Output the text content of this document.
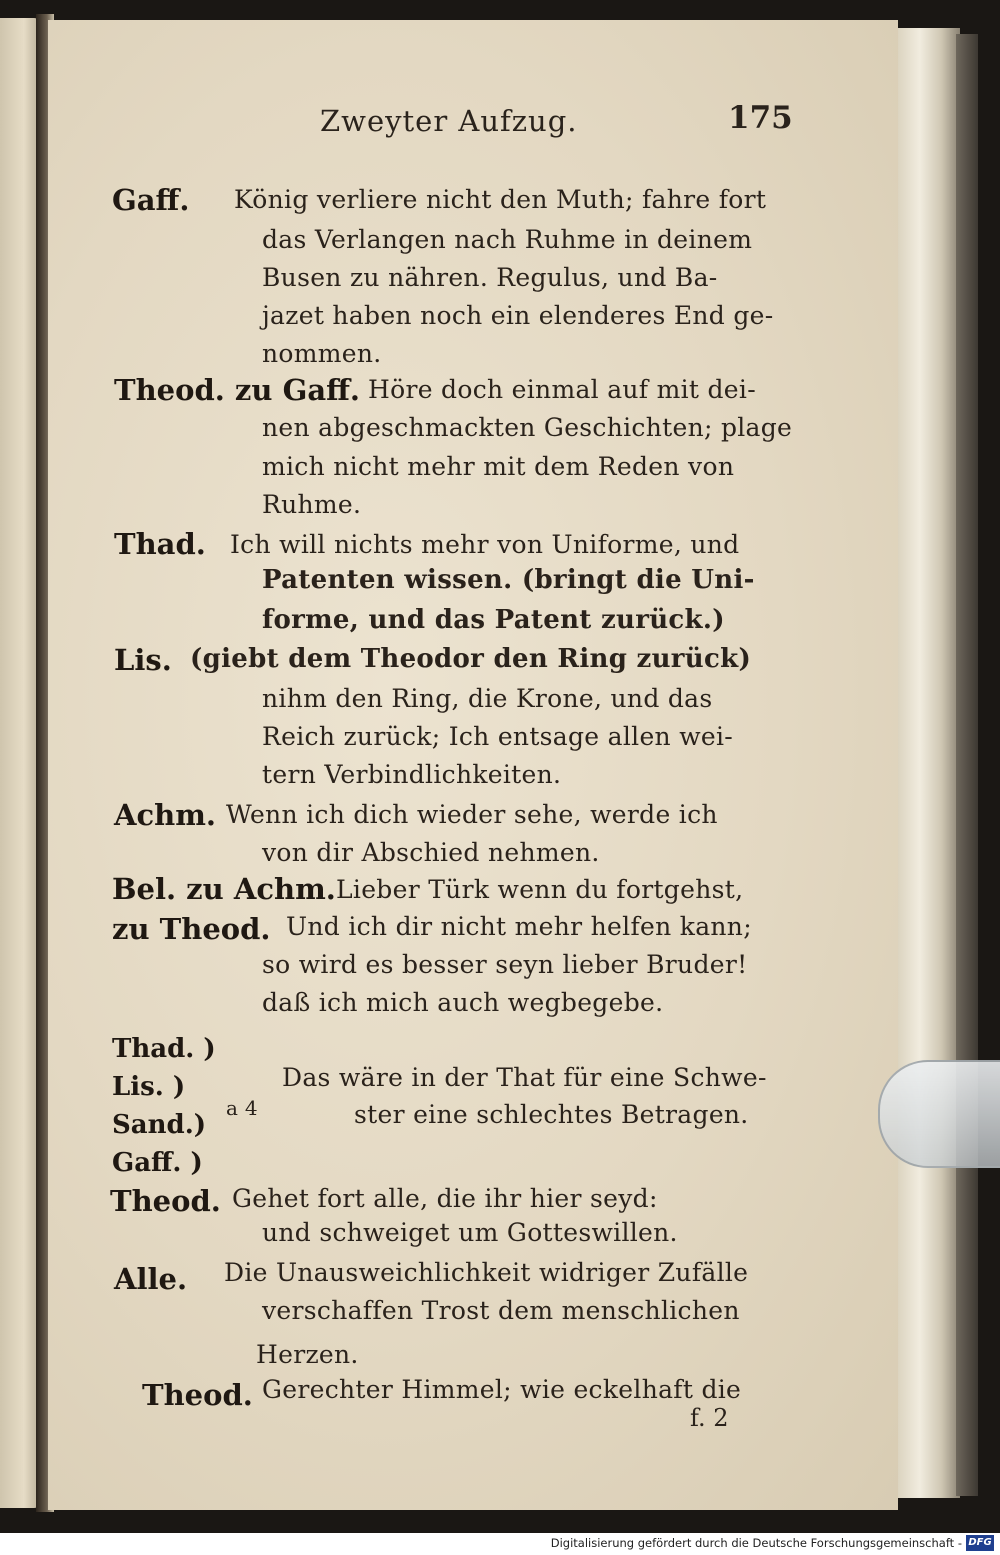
Zweyter Aufzug.	175
Gaff. König verliere nicht den Muth; fahre fort
das Verlangen nach Ruhme in deinem
Busen zu nähren. Regulus, und Ba-
jazet haben noch ein elenderes End ge-
nommen.
Theod. zu Gaff. Höre doch einmal auf mit dei-
nen abgeschmackten Geschichten; plage
mich nicht mehr mit dem Reden von
Ruhme.
Thad. Ich will nichts mehr von Uniforme, und
Patenten wissen. (bringt die Uni-
forme, und das Patent zurück.)
Lis. (giebt dem Theodor den Ring zurück)
nihm den Ring, die Krone, und das
Reich zurück; Ich entsage allen wei-
tern Verbindlichkeiten.
Achm. Wenn ich dich wieder sehe, werde ich
von dir Abschied nehmen.
Bel. zu Achm. Lieber Türk wenn du fortgehst,
zu Theod. Und ich dir nicht mehr helfen kann;
so wird es besser seyn lieber Bruder!
daß ich mich auch wegbegebe.
Thad. )
Lis. )
Sand.)
Gaff. )
a 4
Das wäre in der That für eine Schwe-
ster eine schlechtes Betragen.
Theod. Gehet fort alle, die ihr hier seyd:
und schweiget um Gotteswillen.
Alle. Die Unausweichlichkeit widriger Zufälle
verschaffen Trost dem menschlichen
Herzen.
Theod. Gerechter Himmel; wie eckelhaft die
f. 2
Digitalisierung gefördert durch die Deutsche Forschungsgemeinschaft - DFG
